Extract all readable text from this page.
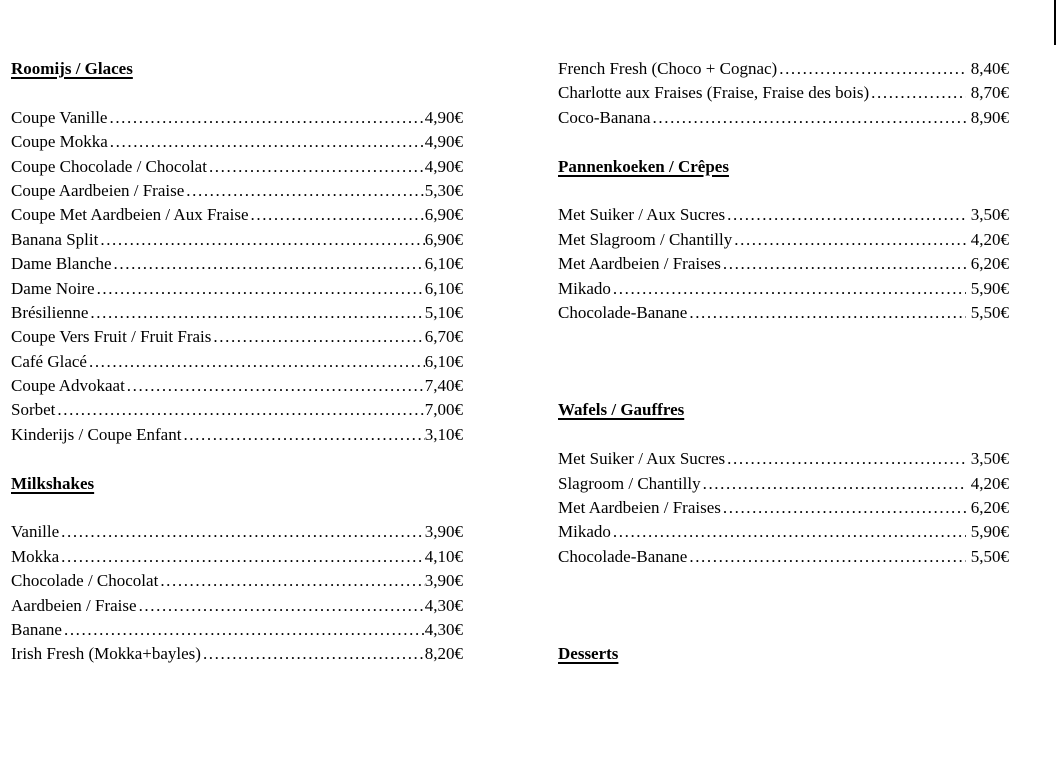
Roomijs / Glaces
Coupe Vanille .....	4,90€
Coupe Mokka .....	4,90€
Coupe Chocolade / Chocolat .....	4,90€
Coupe Aardbeien / Fraise .....	5,30€
Coupe Met Aardbeien / Aux Fraise .....	6,90€
Banana Split .....	6,90€
Dame Blanche .....	6,10€
Dame Noire .....	6,10€
Brésilienne .....	5,10€
Coupe Vers Fruit / Fruit Frais .....	6,70€
Café Glacé .....	6,10€
Coupe Advokaat .....	7,40€
Sorbet .....	7,00€
Kinderijs / Coupe Enfant .....	3,10€
Milkshakes
Vanille .....	3,90€
Mokka .....	4,10€
Chocolade / Chocolat .....	3,90€
Aardbeien / Fraise .....	4,30€
Banane .....	4,30€
Irish Fresh (Mokka+bayles) .....	8,20€
French Fresh (Choco + Cognac) .....	8,40€
Charlotte aux Fraises (Fraise, Fraise des bois) .....	8,70€
Coco-Banana .....	8,90€
Pannenkoeken / Crêpes
Met Suiker / Aux Sucres .....	3,50€
Met Slagroom / Chantilly .....	4,20€
Met Aardbeien / Fraises .....	6,20€
Mikado .....	5,90€
Chocolade-Banane .....	5,50€
Wafels / Gauffres
Met Suiker / Aux Sucres .....	3,50€
Slagroom / Chantilly .....	4,20€
Met Aardbeien / Fraises .....	6,20€
Mikado .....	5,90€
Chocolade-Banane .....	5,50€
Desserts
